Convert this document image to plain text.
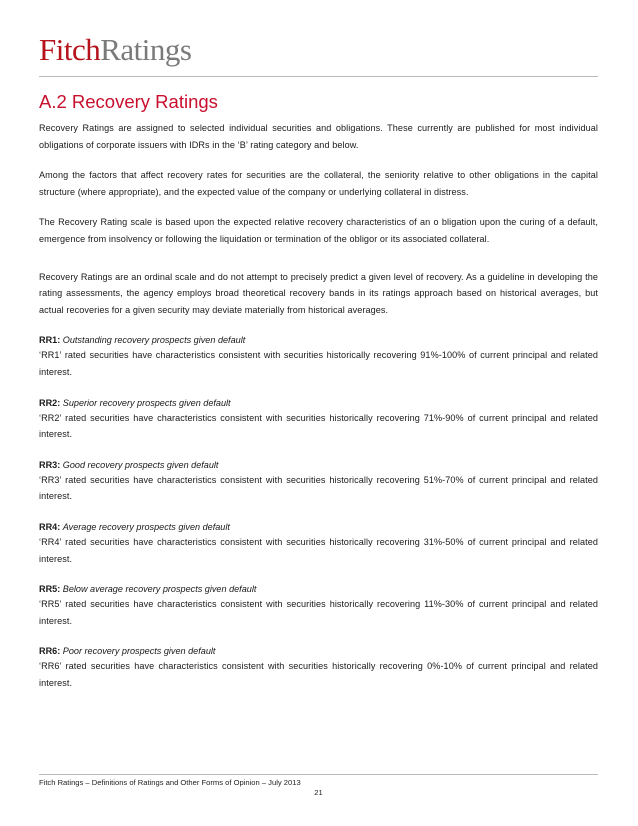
FitchRatings
A.2 Recovery Ratings

Recovery Ratings are assigned to selected individual securities and obligations. These currently are published for most individual obligations of corporate issuers with IDRs in the ‘B’ rating category and below.

Among the factors that affect recovery rates for securities are the collateral, the seniority relative to other obligations in the capital structure (where appropriate), and the expected value of the company or underlying collateral in distress.

The Recovery Rating scale is based upon the expected relative recovery characteristics of an o bligation upon the curing of a default, emergence from insolvency or following the liquidation or termination of the obligor or its associated collateral.

Recovery Ratings are an ordinal scale and do not attempt to precisely predict a given level of recovery. As a guideline in developing the rating assessments, the agency employs broad theoretical recovery bands in its ratings approach based on historical averages, but actual recoveries for a given security may deviate materially from historical averages.

RR1: Outstanding recovery prospects given default

‘RR1’ rated securities have characteristics consistent with securities historically recovering 91%-100% of current principal and related interest.

RR2: Superior recovery prospects given default

‘RR2’ rated securities have characteristics consistent with securities historically recovering 71%-90% of current principal and related interest.

RR3: Good recovery prospects given default

‘RR3’ rated securities have characteristics consistent with securities historically recovering 51%-70% of current principal and related interest.

RR4: Average recovery prospects given default

‘RR4’ rated securities have characteristics consistent with securities historically recovering 31%-50% of current principal and related interest.

RR5: Below average recovery prospects given default

‘RR5’ rated securities have characteristics consistent with securities historically recovering 11%-30% of current principal and related interest.

RR6: Poor recovery prospects given default

‘RR6’ rated securities have characteristics consistent with securities historically recovering 0%-10% of current principal and related interest.

Fitch Ratings – Definitions of Ratings and Other Forms of Opinion – July 2013
21
